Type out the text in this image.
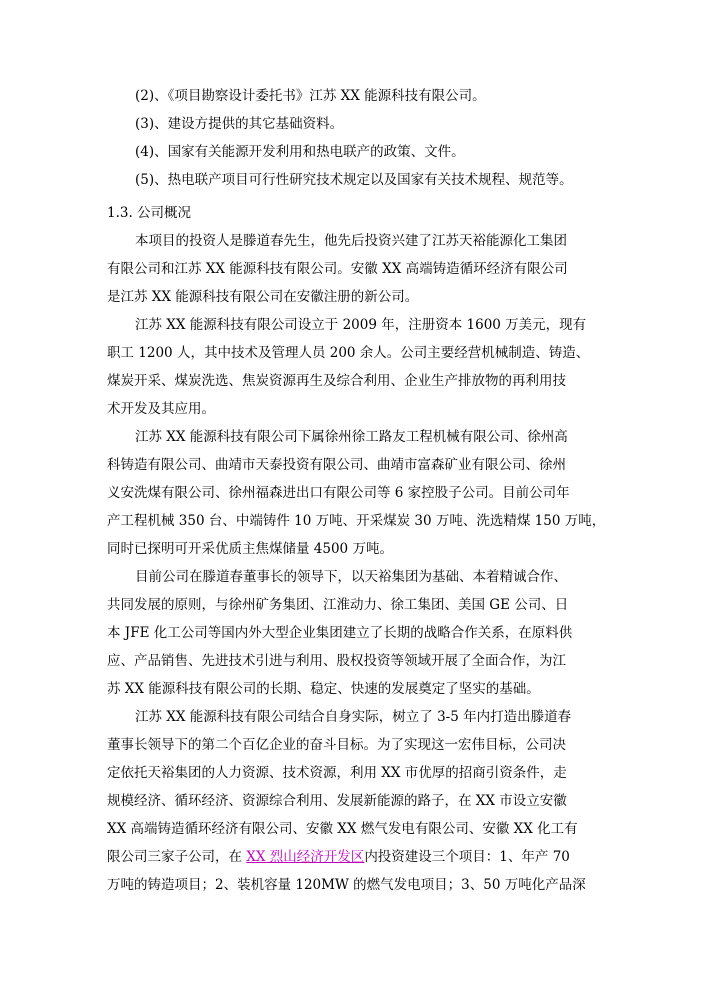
(2)、《项目勘察设计委托书》江苏 XX 能源科技有限公司。
(3)、建设方提供的其它基础资料。
(4)、国家有关能源开发利用和热电联产的政策、文件。
(5)、热电联产项目可行性研究技术规定以及国家有关技术规程、规范等。
1.3. 公司概况
本项目的投资人是滕道春先生，他先后投资兴建了江苏天裕能源化工集团
有限公司和江苏 XX 能源科技有限公司。安徽 XX 高端铸造循环经济有限公司
是江苏 XX 能源科技有限公司在安徽注册的新公司。
江苏 XX 能源科技有限公司设立于 2009 年，注册资本 1600 万美元，现有
职工 1200 人，其中技术及管理人员 200 余人。公司主要经营机械制造、铸造、
煤炭开采、煤炭洗选、焦炭资源再生及综合利用、企业生产排放物的再利用技
术开发及其应用。
江苏 XX 能源科技有限公司下属徐州徐工路友工程机械有限公司、徐州高
科铸造有限公司、曲靖市天泰投资有限公司、曲靖市富森矿业有限公司、徐州
义安洗煤有限公司、徐州福森进出口有限公司等 6 家控股子公司。目前公司年
产工程机械 350 台、中端铸件 10 万吨、开采煤炭 30 万吨、洗选精煤 150 万吨，
同时已探明可开采优质主焦煤储量 4500 万吨。
目前公司在滕道春董事长的领导下，以天裕集团为基础、本着精诚合作、
共同发展的原则，与徐州矿务集团、江淮动力、徐工集团、美国 GE 公司、日
本 JFE 化工公司等国内外大型企业集团建立了长期的战略合作关系，在原料供
应、产品销售、先进技术引进与利用、股权投资等领域开展了全面合作，为江
苏 XX 能源科技有限公司的长期、稳定、快速的发展奠定了坚实的基础。
江苏 XX 能源科技有限公司结合自身实际，树立了 3-5 年内打造出滕道春
董事长领导下的第二个百亿企业的奋斗目标。为了实现这一宏伟目标，公司决
定依托天裕集团的人力资源、技术资源，利用 XX 市优厚的招商引资条件，走
规模经济、循环经济、资源综合利用、发展新能源的路子，在 XX 市设立安徽
XX 高端铸造循环经济有限公司、安徽 XX 燃气发电有限公司、安徽 XX 化工有
限公司三家子公司，在 XX 烈山经济开发区内投资建设三个项目：1、年产 70
万吨的铸造项目；2、装机容量 120MW 的燃气发电项目；3、50 万吨化产品深
